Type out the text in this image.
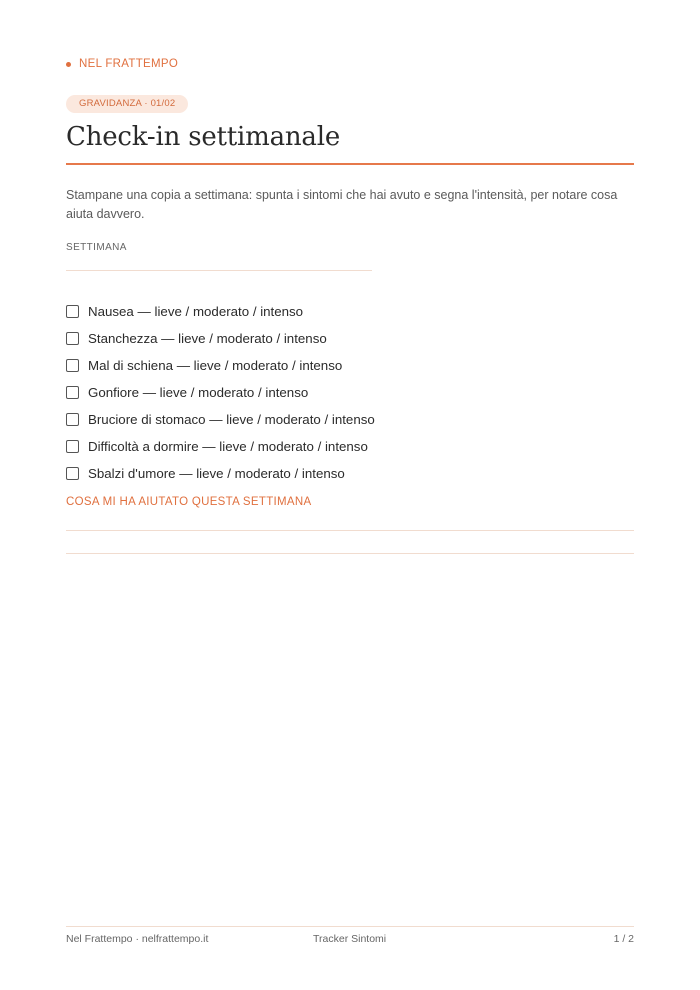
NEL FRATTEMPO
GRAVIDANZA · 01/02
Check-in settimanale

Stampane una copia a settimana: spunta i sintomi che hai avuto e segna l'intensità, per notare cosa aiuta davvero.

SETTIMANA
Nausea — lieve / moderato / intenso
Stanchezza — lieve / moderato / intenso
Mal di schiena — lieve / moderato / intenso
Gonfiore — lieve / moderato / intenso
Bruciore di stomaco — lieve / moderato / intenso
Difficoltà a dormire — lieve / moderato / intenso
Sbalzi d'umore — lieve / moderato / intenso
COSA MI HA AIUTATO QUESTA SETTIMANA
Nel Frattempo · nelfrattempo.it	Tracker Sintomi	1 / 2
